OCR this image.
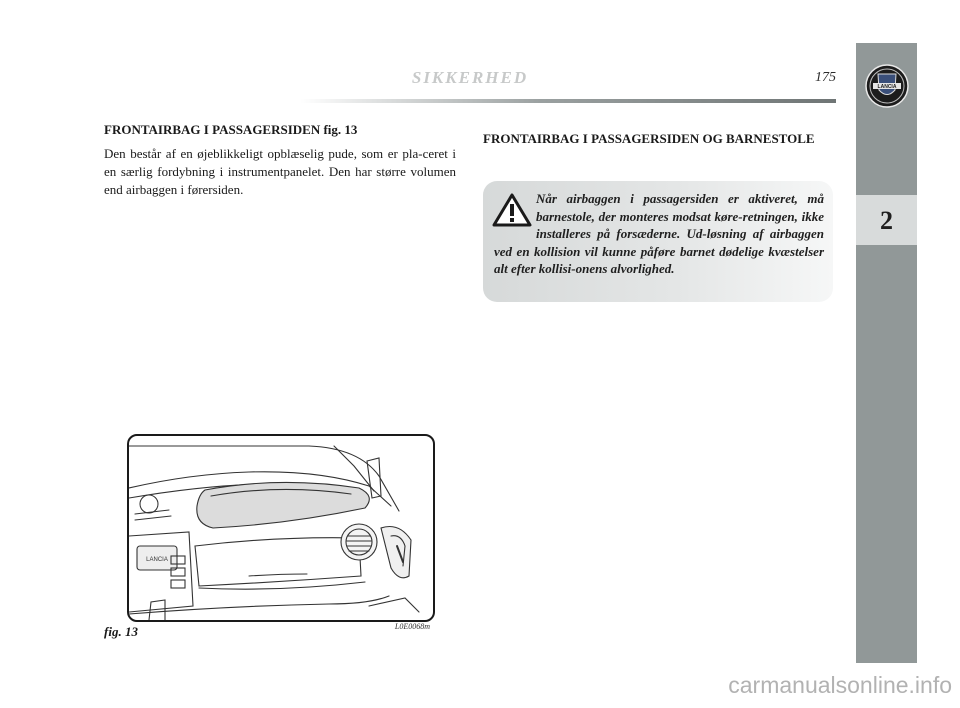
SIKKERHED	175
2
LANCIA

FRONTAIRBAG I PASSAGERSIDEN fig. 13

Den består af en øjeblikkeligt opblæselig pude, som er pla-ceret i en særlig fordybning i instrumentpanelet. Den har større volumen end airbaggen i førersiden.

FRONTAIRBAG I PASSAGERSIDEN OG BARNESTOLE

Når airbaggen i passagersiden er aktiveret, må barnestole, der monteres modsat køre-retningen, ikke installeres på forsæderne. Ud-løsning af airbaggen ved en kollision vil kunne påføre barnet dødelige kvæstelser alt efter kollisi-onens alvorlighed.

LANCIA
fig. 13	L0E0068m
carmanualsonline.info
